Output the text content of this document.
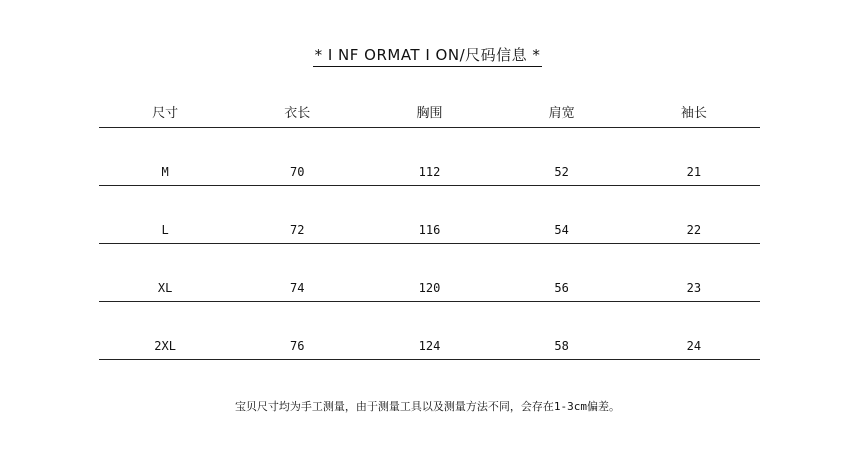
* I NF ORMAT I ON/尺码信息 *
尺寸	衣长	胸围	肩宽	袖长
M	70	112	52	21
L	72	116	54	22
XL	74	120	56	23
2XL	76	124	58	24
宝贝尺寸均为手工测量，由于测量工具以及测量方法不同，会存在1-3cm偏差。
